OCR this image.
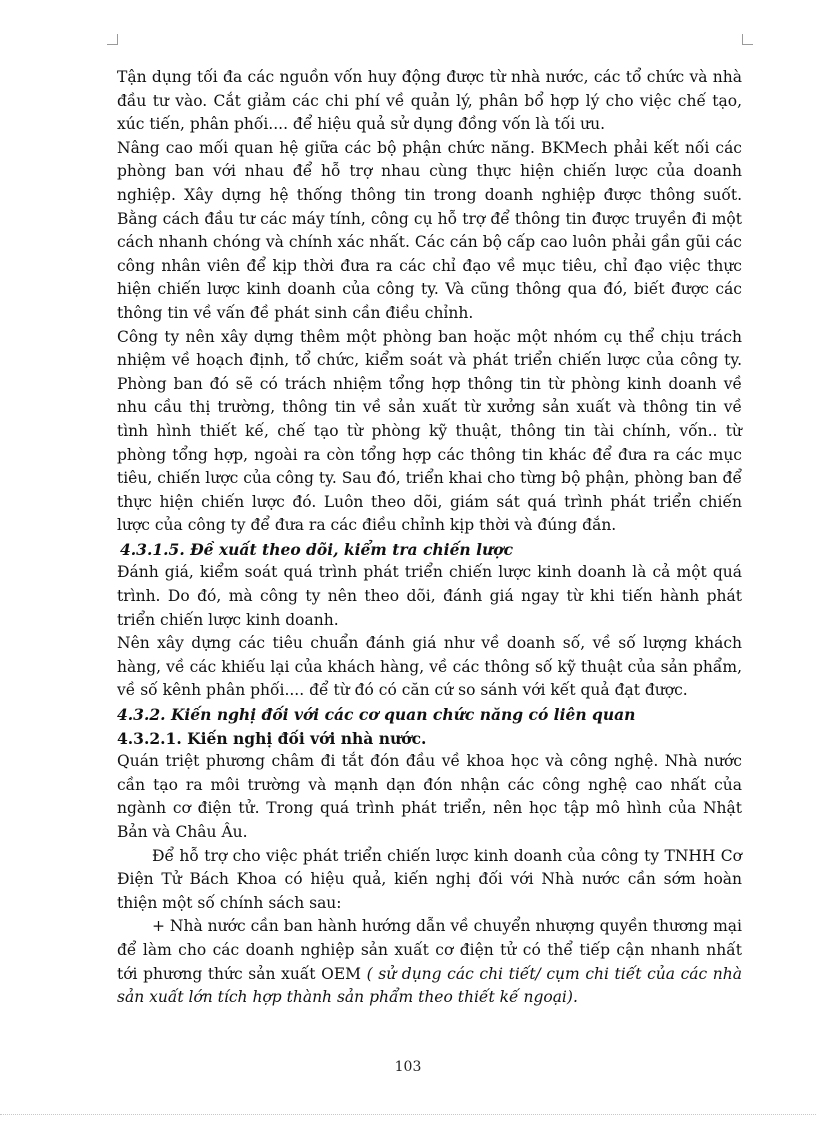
Tận dụng tối đa các nguồn vốn huy động được từ nhà nước, các tổ chức và nhà đầu tư vào. Cắt giảm các chi phí về quản lý, phân bổ hợp lý cho việc chế tạo, xúc tiến, phân phối.... để hiệu quả sử dụng đồng vốn là tối ưu.

Nâng cao mối quan hệ giữa các bộ phận chức năng. BKMech phải kết nối các phòng ban với nhau để hỗ trợ nhau cùng thực hiện chiến lược của doanh nghiệp. Xây dựng hệ thống thông tin trong doanh nghiệp được thông suốt. Bằng cách đầu tư các máy tính, công cụ hỗ trợ để thông tin được truyền đi một cách nhanh chóng và chính xác nhất. Các cán bộ cấp cao luôn phải gần gũi các công nhân viên để kịp thời đưa ra các chỉ đạo về mục tiêu, chỉ đạo việc thực hiện chiến lược kinh doanh của công ty. Và cũng thông qua đó, biết được các thông tin về vấn đề phát sinh cần điều chỉnh.

Công ty nên xây dựng thêm một phòng ban hoặc một nhóm cụ thể chịu trách nhiệm về hoạch định, tổ chức, kiểm soát và phát triển chiến lược của công ty. Phòng ban đó sẽ có trách nhiệm tổng hợp thông tin từ phòng kinh doanh về nhu cầu thị trường, thông tin về sản xuất từ xưởng sản xuất và thông tin về tình hình thiết kế, chế tạo từ phòng kỹ thuật, thông tin tài chính, vốn.. từ phòng tổng hợp, ngoài ra còn tổng hợp các thông tin khác để đưa ra các mục tiêu, chiến lược của công ty. Sau đó, triển khai cho từng bộ phận, phòng ban để thực hiện chiến lược đó. Luôn theo dõi, giám sát quá trình phát triển chiến lược của công ty để đưa ra các điều chỉnh kịp thời và đúng đắn.

4.3.1.5. Đề xuất theo dõi, kiểm tra chiến lược

Đánh giá, kiểm soát quá trình phát triển chiến lược kinh doanh là cả một quá trình. Do đó, mà công ty nên theo dõi, đánh giá ngay từ khi tiến hành phát triển chiến lược kinh doanh.

Nên xây dựng các tiêu chuẩn đánh giá như về doanh số, về số lượng khách hàng, về các khiếu lại của khách hàng, về các thông số kỹ thuật của sản phẩm, về số kênh phân phối.... để từ đó có căn cứ so sánh với kết quả đạt được.

4.3.2. Kiến nghị đối với các cơ quan chức năng có liên quan
4.3.2.1. Kiến nghị đối với nhà nước.

Quán triệt phương châm đi tắt đón đầu về khoa học và công nghệ. Nhà nước cần tạo ra môi trường và mạnh dạn đón nhận các công nghệ cao nhất của ngành cơ điện tử. Trong quá trình phát triển, nên học tập mô hình của Nhật Bản và Châu Âu.

Để hỗ trợ cho việc phát triển chiến lược kinh doanh của công ty TNHH Cơ Điện Tử Bách Khoa có hiệu quả, kiến nghị đối với Nhà nước cần sớm hoàn thiện một số chính sách sau:

+ Nhà nước cần ban hành hướng dẫn về chuyển nhượng quyền thương mại để làm cho các doanh nghiệp sản xuất cơ điện tử có thể tiếp cận nhanh nhất tới phương thức sản xuất OEM ( sử dụng các chi tiết/ cụm chi tiết của các nhà sản xuất lớn tích hợp thành sản phẩm theo thiết kế ngoại).

103
